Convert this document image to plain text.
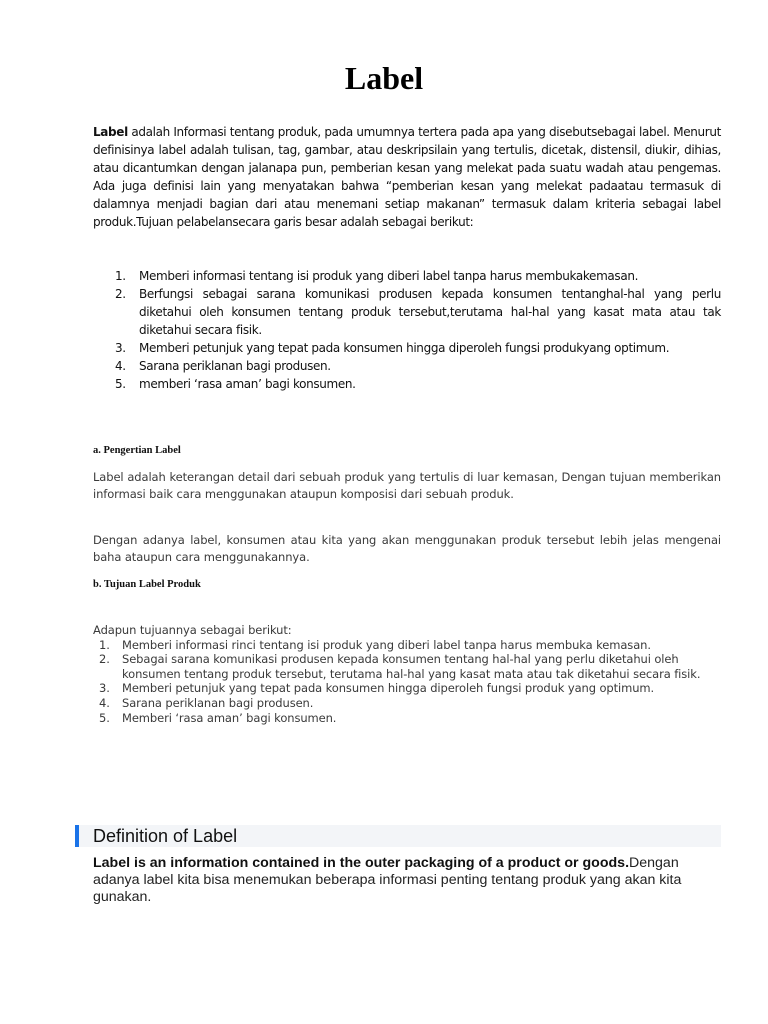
Label

Label adalah Informasi tentang produk, pada umumnya tertera pada apa yang disebutsebagai label. Menurut definisinya label adalah tulisan, tag, gambar, atau deskripsilain yang tertulis, dicetak, distensil, diukir, dihias, atau dicantumkan dengan jalanapa pun, pemberian kesan yang melekat pada suatu wadah atau pengemas. Ada juga definisi lain yang menyatakan bahwa “pemberian kesan yang melekat padaatau termasuk di dalamnya menjadi bagian dari atau menemani setiap makanan” termasuk dalam kriteria sebagai label produk.Tujuan pelabelansecara garis besar adalah sebagai berikut:

1. Memberi informasi tentang isi produk yang diberi label tanpa harus membukakemasan.
2. Berfungsi sebagai sarana komunikasi produsen kepada konsumen tentanghal-hal yang perlu diketahui oleh konsumen tentang produk tersebut,terutama hal-hal yang kasat mata atau tak diketahui secara fisik.
3. Memberi petunjuk yang tepat pada konsumen hingga diperoleh fungsi produkyang optimum.
4. Sarana periklanan bagi produsen.
5. memberi ‘rasa aman’ bagi konsumen.
a. Pengertian Label

Label adalah keterangan detail dari sebuah produk yang tertulis di luar kemasan, Dengan tujuan memberikan informasi baik cara menggunakan ataupun komposisi dari sebuah produk.

Dengan adanya label, konsumen atau kita yang akan menggunakan produk tersebut lebih jelas mengenai baha ataupun cara menggunakannya.

b. Tujuan Label Produk
Adapun tujuannya sebagai berikut:
1. Memberi informasi rinci tentang isi produk yang diberi label tanpa harus membuka kemasan.
2. Sebagai sarana komunikasi produsen kepada konsumen tentang hal-hal yang perlu diketahui oleh konsumen tentang produk tersebut, terutama hal-hal yang kasat mata atau tak diketahui secara fisik.
3. Memberi petunjuk yang tepat pada konsumen hingga diperoleh fungsi produk yang optimum.
4. Sarana periklanan bagi produsen.
5. Memberi ‘rasa aman’ bagi konsumen.
Definition of Label

Label is an information contained in the outer packaging of a product or goods.Dengan adanya label kita bisa menemukan beberapa informasi penting tentang produk yang akan kita gunakan.
